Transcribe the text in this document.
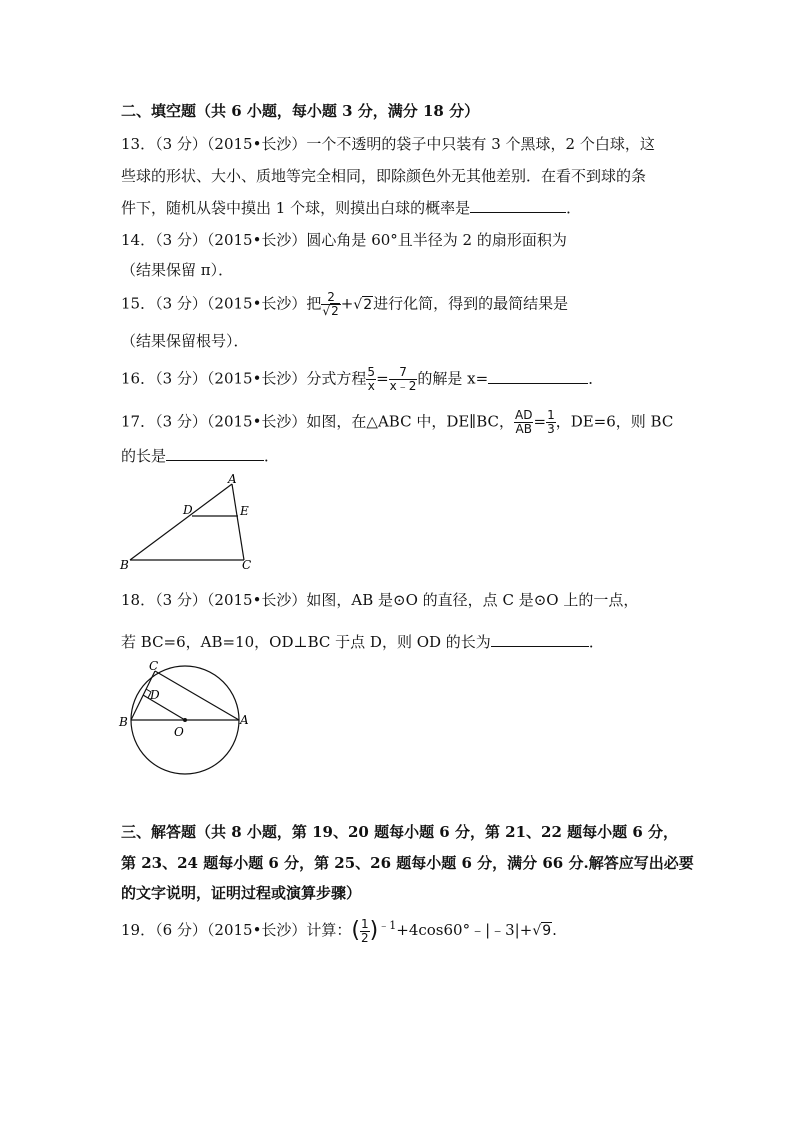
二、填空题（共 6 小题，每小题 3 分，满分 18 分）
13．（3 分）（2015•长沙）一个不透明的袋子中只装有 3 个黑球，2 个白球，这
些球的形状、大小、质地等完全相同，即除颜色外无其他差别．在看不到球的条
件下，随机从袋中摸出 1 个球，则摸出白球的概率是	．
14．（3 分）（2015•长沙）圆心角是 60°且半径为 2 的扇形面积为
（结果保留 π）．
15．（3 分）（2015•长沙）把 $\frac{2}{√2} +√2$进行化简，得到的最简结果是
（结果保留根号）．
16．（3 分）（2015•长沙）分式方程 $\frac{5}{x} = \frac{7}{x﹣2}$ 的解是 x=	．
17．（3 分）（2015•长沙）如图，在△ABC 中，DE∥BC， $\frac{AD}{AB} = \frac{1}{3}$ ，DE=6，则 BC
的长是	．
A
B	C
D	E
18．（3 分）（2015•长沙）如图，AB 是⊙O 的直径，点 C 是⊙O 上的一点，
若 BC=6，AB=10，OD⊥BC 于点 D，则 OD 的长为	．
C
D
B	A
O
三、解答题（共 8 小题，第 19、20 题每小题 6 分，第 21、22 题每小题 6 分，
第 23、24 题每小题 6 分，第 25、26 题每小题 6 分，满分 66 分.解答应写出必要
的文字说明，证明过程或演算步骤）
19．（6 分）（2015•长沙）计算：( $\frac{1}{2}$ )$^{﹣1}$+4cos60°﹣|﹣3|+√9.
